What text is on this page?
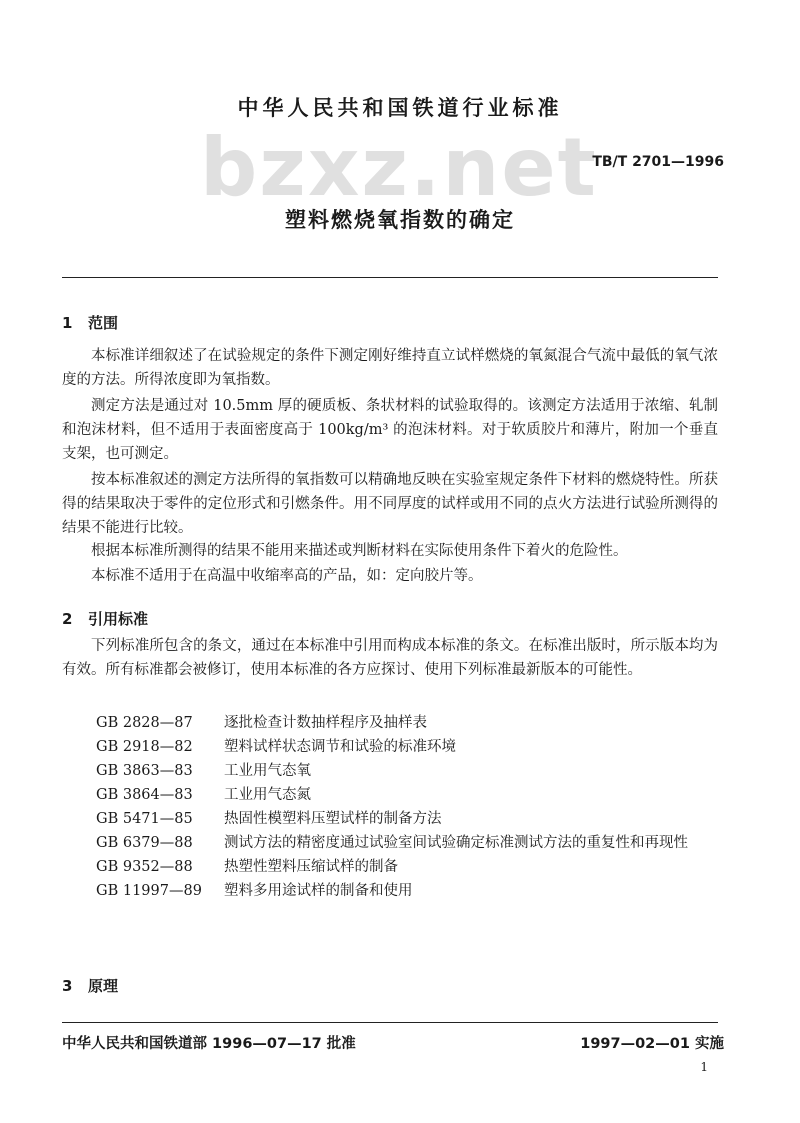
bzxz.net
中华人民共和国铁道行业标准
TB/T 2701—1996
塑料燃烧氧指数的确定
1 范围

本标准详细叙述了在试验规定的条件下测定刚好维持直立试样燃烧的氧氮混合气流中最低的氧气浓度的方法。所得浓度即为氧指数。

测定方法是通过对 10.5mm 厚的硬质板、条状材料的试验取得的。该测定方法适用于浓缩、轧制和泡沫材料，但不适用于表面密度高于 100kg/m³ 的泡沫材料。对于软质胶片和薄片，附加一个垂直支架，也可测定。

按本标准叙述的测定方法所得的氧指数可以精确地反映在实验室规定条件下材料的燃烧特性。所获得的结果取决于零件的定位形式和引燃条件。用不同厚度的试样或用不同的点火方法进行试验所测得的结果不能进行比较。

根据本标准所测得的结果不能用来描述或判断材料在实际使用条件下着火的危险性。

本标准不适用于在高温中收缩率高的产品，如：定向胶片等。

2 引用标准

下列标准所包含的条文，通过在本标准中引用而构成本标准的条文。在标准出版时，所示版本均为有效。所有标准都会被修订，使用本标准的各方应探讨、使用下列标准最新版本的可能性。

GB 2828—87	逐批检查计数抽样程序及抽样表
GB 2918—82	塑料试样状态调节和试验的标准环境
GB 3863—83	工业用气态氧
GB 3864—83	工业用气态氮
GB 5471—85	热固性模塑料压塑试样的制备方法
GB 6379—88	测试方法的精密度通过试验室间试验确定标准测试方法的重复性和再现性
GB 9352—88	热塑性塑料压缩试样的制备
GB 11997—89	塑料多用途试样的制备和使用
3 原理
中华人民共和国铁道部 1996—07—17 批准	1997—02—01 实施
1
